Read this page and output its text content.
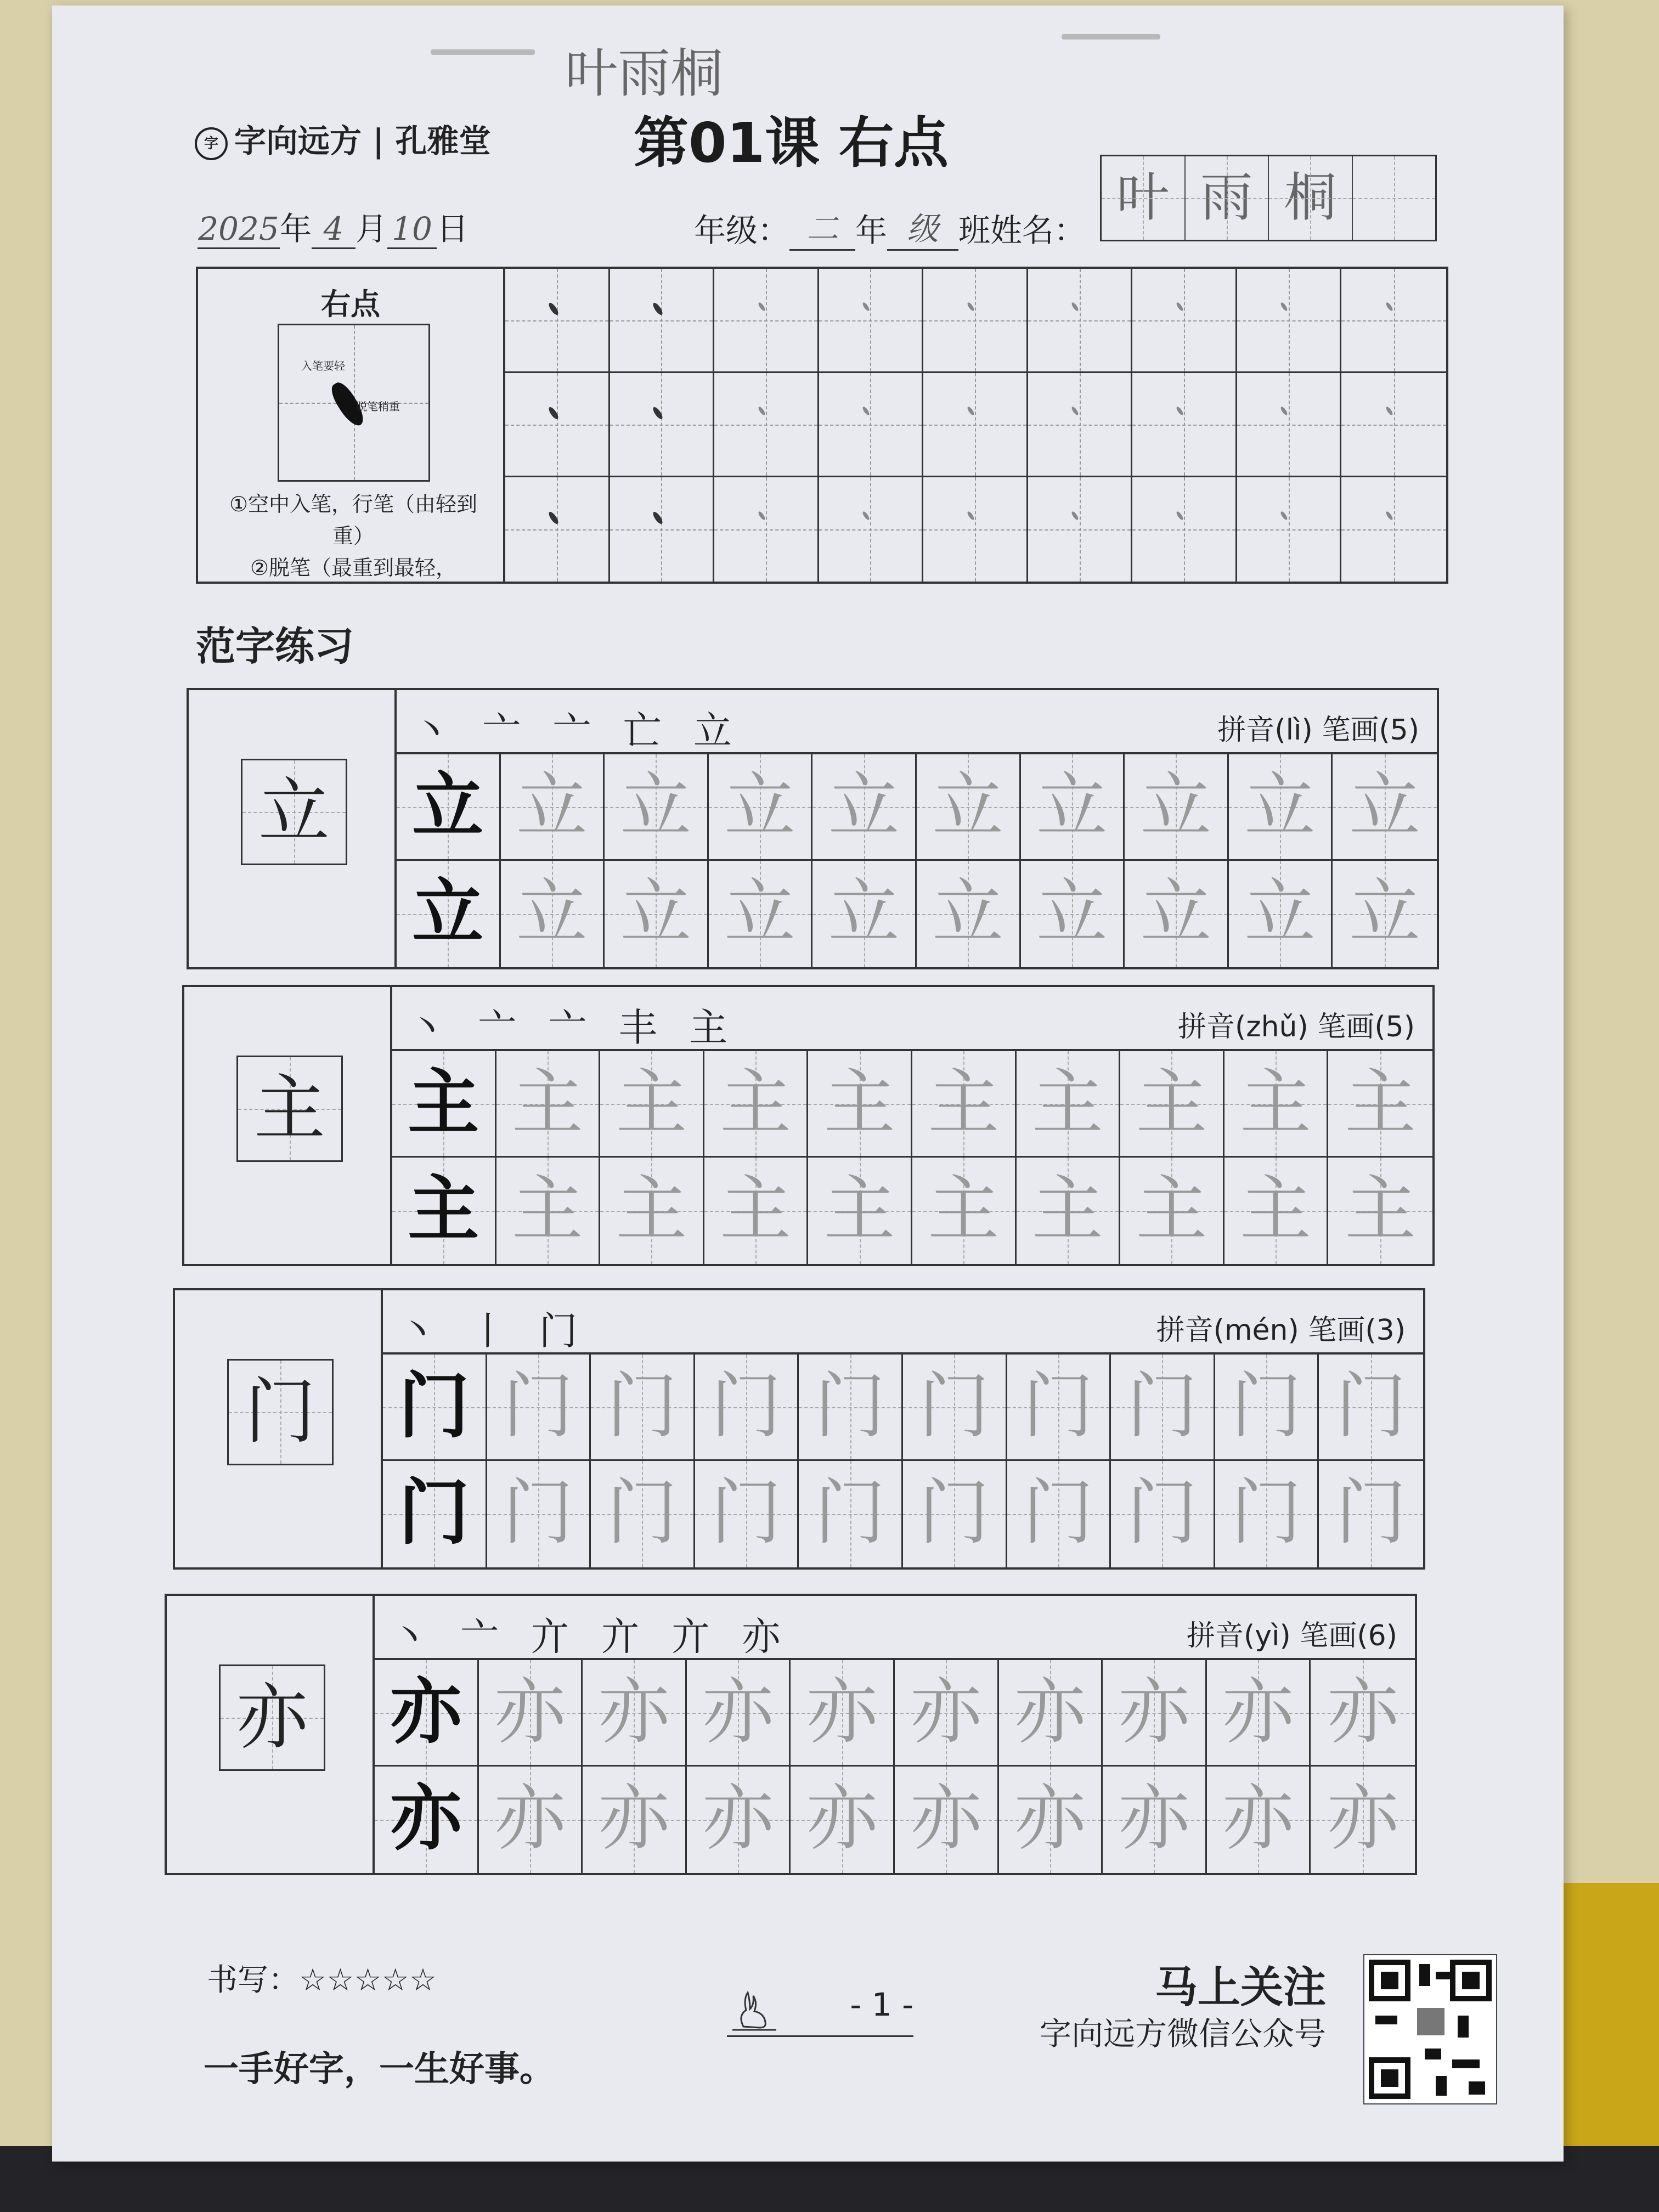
叶雨桐
字 字向远方 | 孔雅堂	第01课 右点
2025年 4 月 10 日	年级： 二 年 级 班姓名：
叶 雨 桐
右点
入笔要轻
脱笔稍重
①空中入笔，行笔（由轻到重）
②脱笔（最重到最轻，
范字练习
立
丶 亠 亠 亡 立	拼音(lì) 笔画(5)
立 立 立 立 立 立 立 立 立 立
立 立 立 立 立 立 立 立 立 立
主
丶 亠 亠 丰 主	拼音(zhǔ) 笔画(5)
主 主 主 主 主 主 主 主 主 主
主 主 主 主 主 主 主 主 主 主
门
丶 丨 门	拼音(mén) 笔画(3)
门 门 门 门 门 门 门 门 门 门
门 门 门 门 门 门 门 门 门 门
亦
丶 亠 亣 亣 亣 亦	拼音(yì) 笔画(6)
亦 亦 亦 亦 亦 亦 亦 亦 亦 亦
亦 亦 亦 亦 亦 亦 亦 亦 亦 亦
书写：☆☆☆☆☆
一手好字，一生好事。
- 1 -	马上关注
字向远方微信公众号
